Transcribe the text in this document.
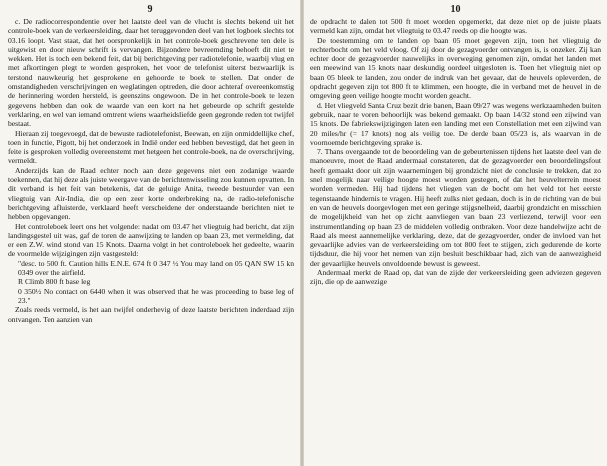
9

c. De radiocorrespondentie over het laatste deel van de vlucht is slechts bekend uit het controle-boek van de verkeersleiding, daar het teruggevonden deel van het logboek slechts tot 03.16 loopt. Vast staat, dat het oorspronkelijk in het controle-boek geschrevene ten dele is uitgewist en door nieuw schrift is vervangen. Bijzondere bevreemding behoeft dit niet te wekken. Het is toch een bekend feit, dat bij berichtgeving per radiotelefonie, waarbij vlug en met afkortingen plegt te worden gesproken, het voor de telefonist uiterst bezwaarlijk is terstond nauwkeurig het gesprokene en gehoorde te boek te stellen. Dat onder de omstandigheden verschrijvingen en weglatingen optreden, die door achteraf overeenkomstig de herinnering worden hersteld, is geenszins ongewoon. De in het controle-boek te lezen gegevens hebben dan ook de waarde van een kort na het gebeurde op schrift gestelde verklaring, en wel van iemand omtrent wiens waarheidsliefde geen gegronde reden tot twijfel bestaat.

Hieraan zij toegevoegd, dat de bewuste radiotelefonist, Beewan, en zijn onmiddellijke chef, toen in functie, Pigott, bij het onderzoek in Indië onder eed hebben bevestigd, dat het geen in feite is gesproken volledig overeenstemt met hetgeen het controle-boek, na de overschrijving, vermeldt.

Anderzijds kan de Raad echter noch aan deze gegevens niet een zodanige waarde toekennen, dat hij deze als juiste weergave van de berichtenwisseling zou kunnen opvatten. In dit verband is het feit van betekenis, dat de geluige Anita, tweede bestuurder van een vliegtuig van Air-India, die op een zeer korte onderbreking na, de radio-telefonische berichtgeving afluisterde, verklaard heeft verscheidene der onderstaande berichten niet te hebben opgevangen.

Het controleboek leert ons het volgende: nadat om 03.47 het vliegtuig had bericht, dat zijn landingsgestel uit was, gaf de toren de aanwijzing te landen op baan 23, met vermelding, dat er een Z.W. wind stond van 15 Knots. Daarna volgt in het controleboek het gedeelte, waarin de voormelde wijzigingen zijn vastgesteld:

"desc. to 500 ft. Caution hills E.N.E. 674 ft 0 347 ½ You may land on 05 QAN SW 15 kn 0349 over the airfield.

R Climb 800 ft base leg

0 350½ No contact on 6440 when it was observed that he was proceeding to base leg of 23."

Zoals reeds vermeld, is het aan twijfel onderhevig of deze laatste berichten inderdaad zijn ontvangen. Ten aanzien van

10

de opdracht te dalen tot 500 ft moet worden opgemerkt, dat deze niet op de juiste plaats vermeld kan zijn, omdat het vliegtuig te 03.47 reeds op die hoogte was.

De toestemming om te landen op baan 05 moet gegeven zijn, toen het vliegtuig de rechterbocht om het veld vloog. Of zij door de gezagvoerder ontvangen is, is onzeker. Zij kan echter door de gezagvoerder nauwelijks in overweging genomen zijn, omdat het landen met een meewind van 15 knots naar deskundig oordeel uitgesloten is. Toen het vliegtuig niet op baan 05 bleek te landen, zou onder de indruk van het gevaar, dat de heuvels opleverden, de opdracht gegeven zijn tot 800 ft te klimmen, een hoogte, die in verband met de heuvel in de omgeving geen veilige hoogte mocht worden geacht.

d. Het vliegveld Santa Cruz bezit drie banen, Baan 09/27 was wegens werkzaamheden buiten gebruik, naar te voren behoorlijk was bekend gemaakt. Op baan 14/32 stond een zijwind van 15 knots. De fabriekswijzigingen laten een landing met een Constellation met een zijwind van 20 miles/hr (= 17 knots) nog als veilig toe. De derde baan 05/23 is, als waarvan in de voornoemde berichtgeving sprake is.

7. Thans overgaande tot de beoordeling van de gebeurtenissen tijdens het laatste deel van de manoeuvre, moet de Raad andermaal constateren, dat de gezagvoerder een beoordelingsfout heeft gemaakt door uit zijn waarnemingen bij grondzicht niet de conclusie te trekken, dat zo snel mogelijk naar veilige hoogte moest worden gestegen, of dat het heuvelterrein moest worden vermeden. Hij had tijdens het vliegen van de bocht om het veld tot het eerste tegenstaande hindernis te vragen. Hij heeft zulks niet gedaan, doch is in de richting van de bui en van de heuvels doorgevlogen met een geringe stijgsnelheid, daarbij grondzicht en misschien de mogelijkheid van het op zicht aanvliegen van baan 23 verliezend, terwijl voor een instrumentlanding op baan 23 de middelen volledig ontbraken. Voor deze handelwijze acht de Raad als meest aannemelijke verklaring, deze, dat de gezagvoerder, onder de invloed van het gevaarlijke advies van de verkeersleiding om tot 800 feet te stijgen, zich gedurende de korte tijdsduur, die hij voor het nemen van zijn besluit beschikbaar had, zich van de aanwezigheid der gevaarlijke heuvels onvoldoende bewust is geweest.

Andermaal merkt de Raad op, dat van de zijde der verkeersleiding geen adviezen gegeven zijn, die op de aanwezige
